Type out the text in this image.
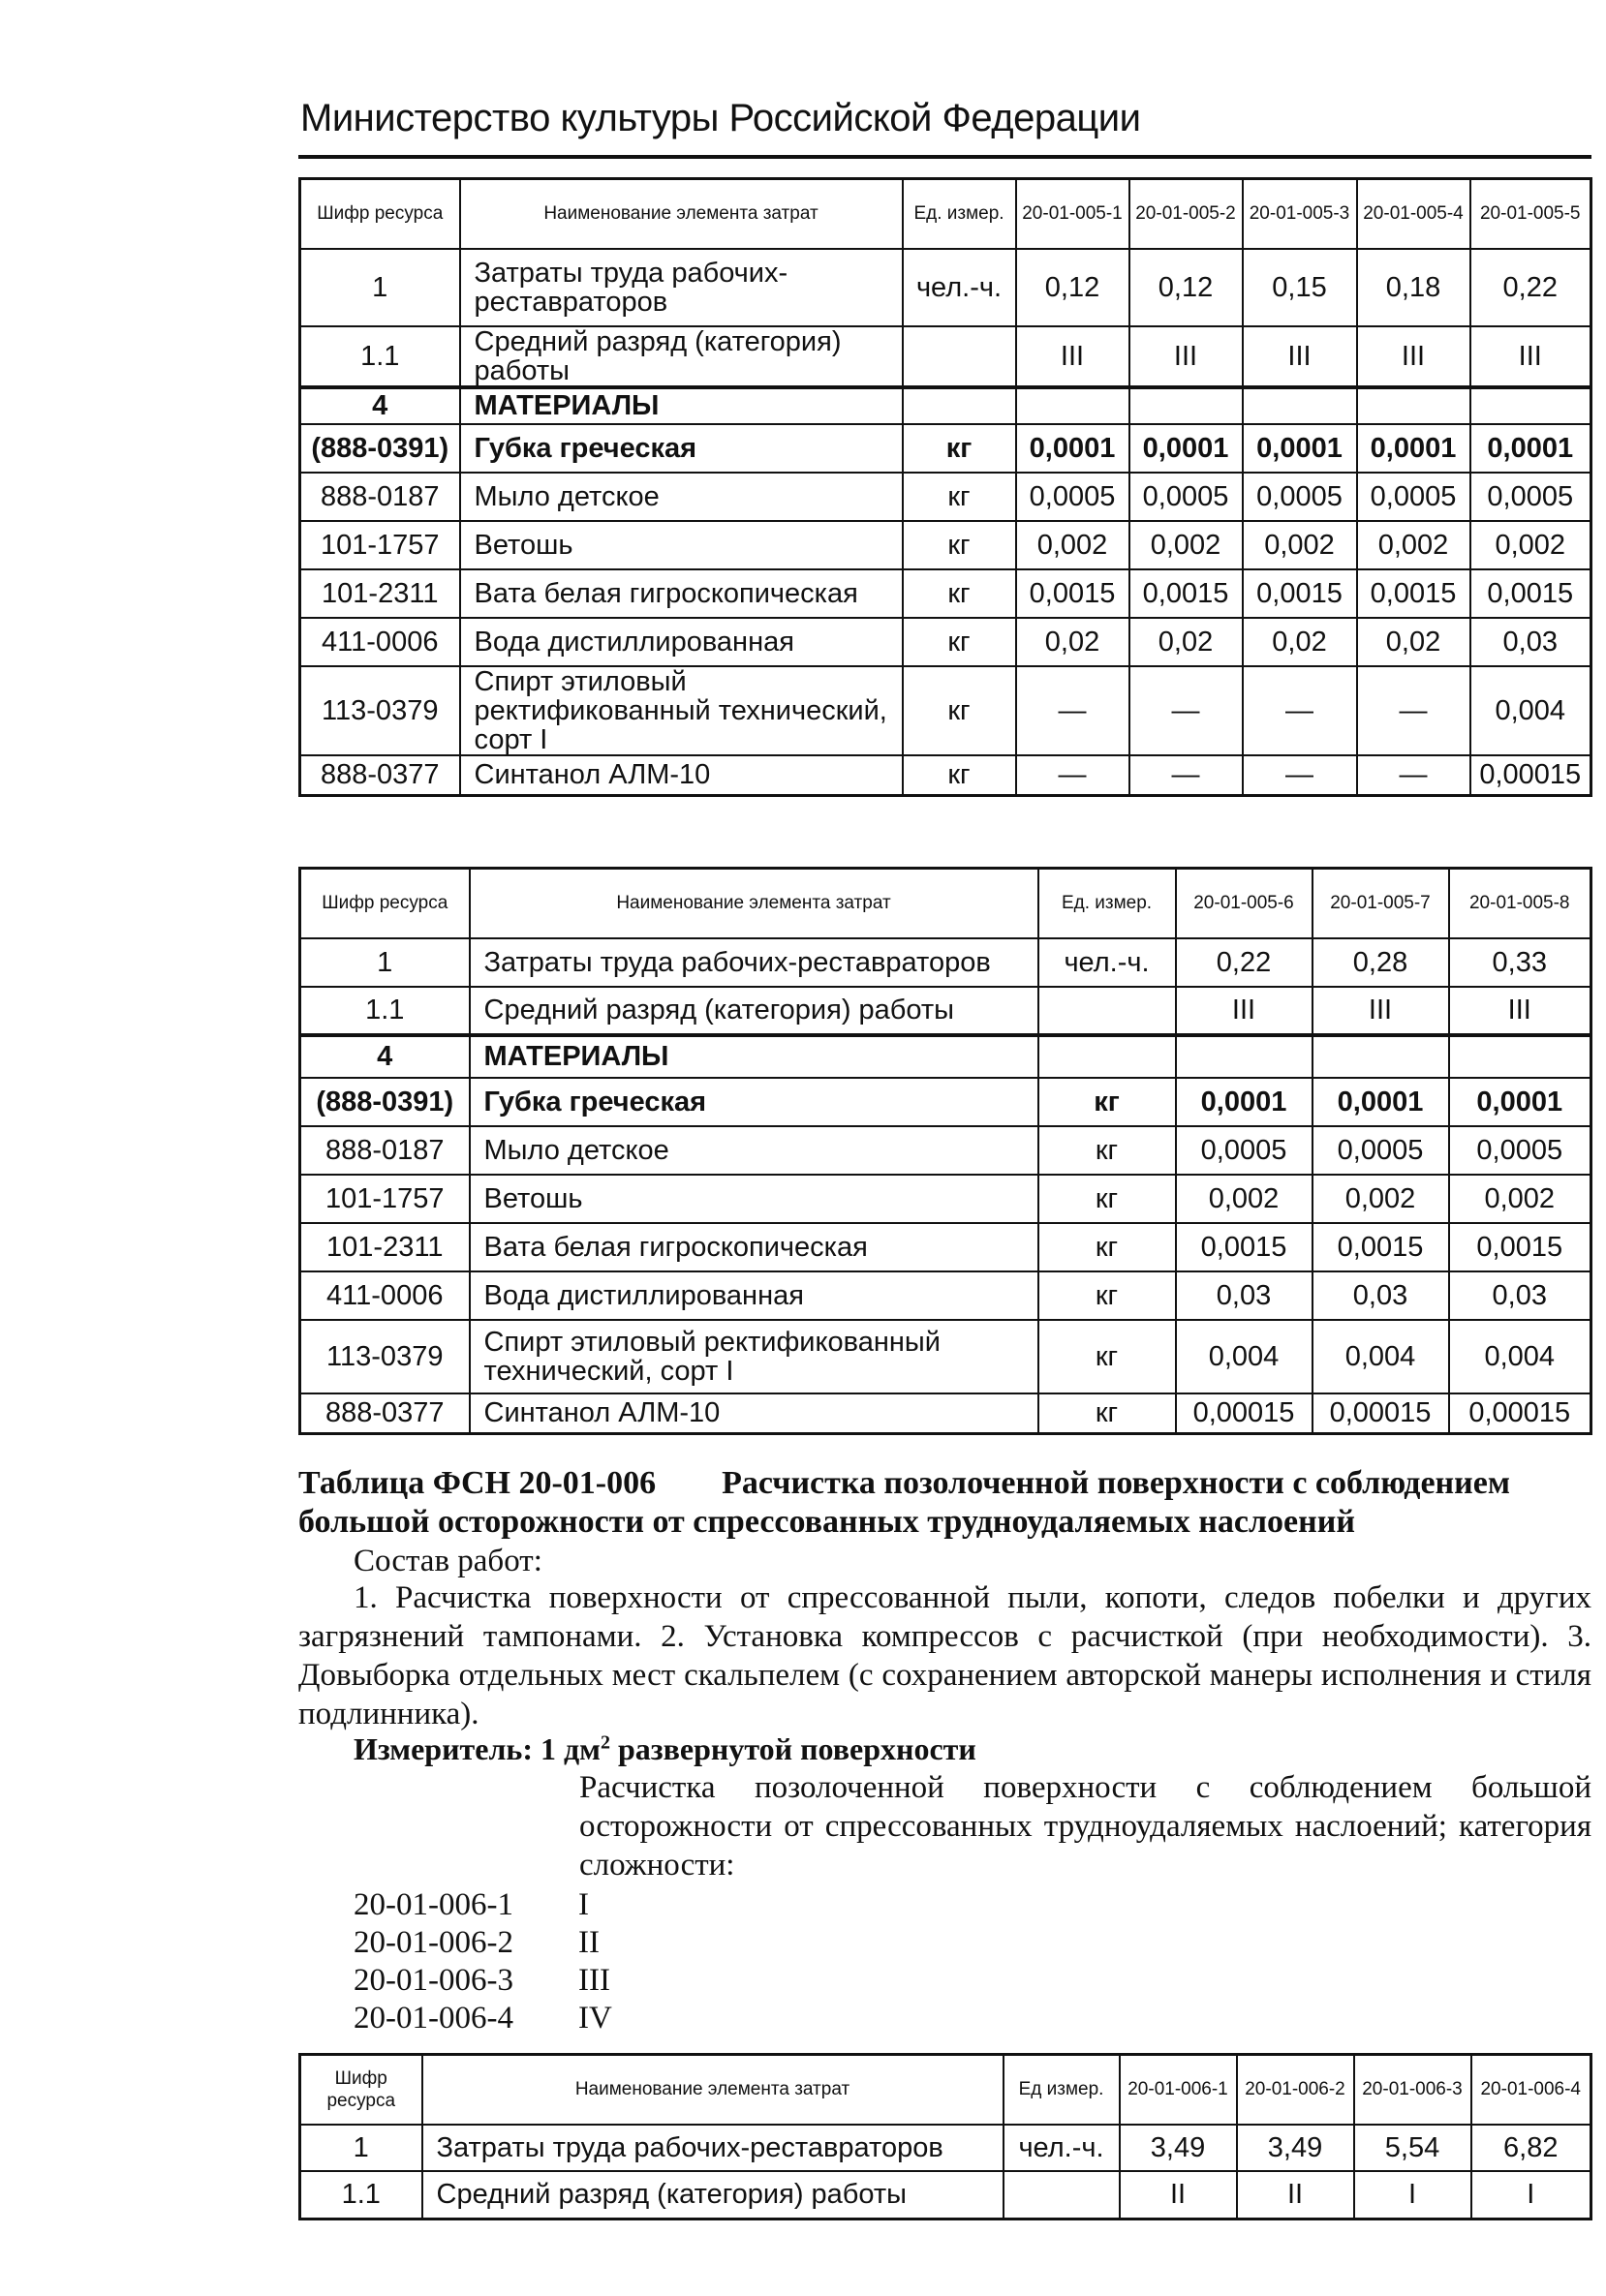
Министерство культуры Российской Федерации
Шифр ресурса	Наименование элемента затрат	Ед. измер.	20-01-005-1	20-01-005-2	20-01-005-3	20-01-005-4	20-01-005-5
1	Затраты труда рабочих-реставраторов	чел.-ч.	0,12	0,12	0,15	0,18	0,22
1.1	Средний разряд (категория) работы		III	III	III	III	III
4	МАТЕРИАЛЫ						
(888-0391)	Губка греческая	кг	0,0001	0,0001	0,0001	0,0001	0,0001
888-0187	Мыло детское	кг	0,0005	0,0005	0,0005	0,0005	0,0005
101-1757	Ветошь	кг	0,002	0,002	0,002	0,002	0,002
101-2311	Вата белая гигроскопическая	кг	0,0015	0,0015	0,0015	0,0015	0,0015
411-0006	Вода дистиллированная	кг	0,02	0,02	0,02	0,02	0,03
113-0379	Спирт этиловый ректификованный технический, сорт I	кг	—	—	—	—	0,004
888-0377	Синтанол АЛМ-10	кг	—	—	—	—	0,00015
Шифр ресурса	Наименование элемента затрат	Ед. измер.	20-01-005-6	20-01-005-7	20-01-005-8
1	Затраты труда рабочих-реставраторов	чел.-ч.	0,22	0,28	0,33
1.1	Средний разряд (категория) работы		III	III	III
4	МАТЕРИАЛЫ				
(888-0391)	Губка греческая	кг	0,0001	0,0001	0,0001
888-0187	Мыло детское	кг	0,0005	0,0005	0,0005
101-1757	Ветошь	кг	0,002	0,002	0,002
101-2311	Вата белая гигроскопическая	кг	0,0015	0,0015	0,0015
411-0006	Вода дистиллированная	кг	0,03	0,03	0,03
113-0379	Спирт этиловый ректификованный технический, сорт I	кг	0,004	0,004	0,004
888-0377	Синтанол АЛМ-10	кг	0,00015	0,00015	0,00015
Таблица ФСН 20-01-006 Расчистка позолоченной поверхности с соблюдением большой осторожности от спрессованных трудноудаляемых наслоений
Состав работ:
1. Расчистка поверхности от спрессованной пыли, копоти, следов побелки и других загрязнений тампонами. 2. Установка компрессов с расчисткой (при необходимости). 3. Довыборка отдельных мест скальпелем (с сохранением авторской манеры исполнения и стиля подлинника).
Измеритель: 1 $дм^2$ развернутой поверхности
Расчистка позолоченной поверхности с соблюдением большой осторожности от спрессованных трудноудаляемых наслоений; категория сложности:
20-01-006-1	I
20-01-006-2	II
20-01-006-3	III
20-01-006-4	IV
Шифр ресурса	Наименование элемента затрат	Ед измер.	20-01-006-1	20-01-006-2	20-01-006-3	20-01-006-4
1	Затраты труда рабочих-реставраторов	чел.-ч.	3,49	3,49	5,54	6,82
1.1	Средний разряд (категория) работы		II	II	I	I
